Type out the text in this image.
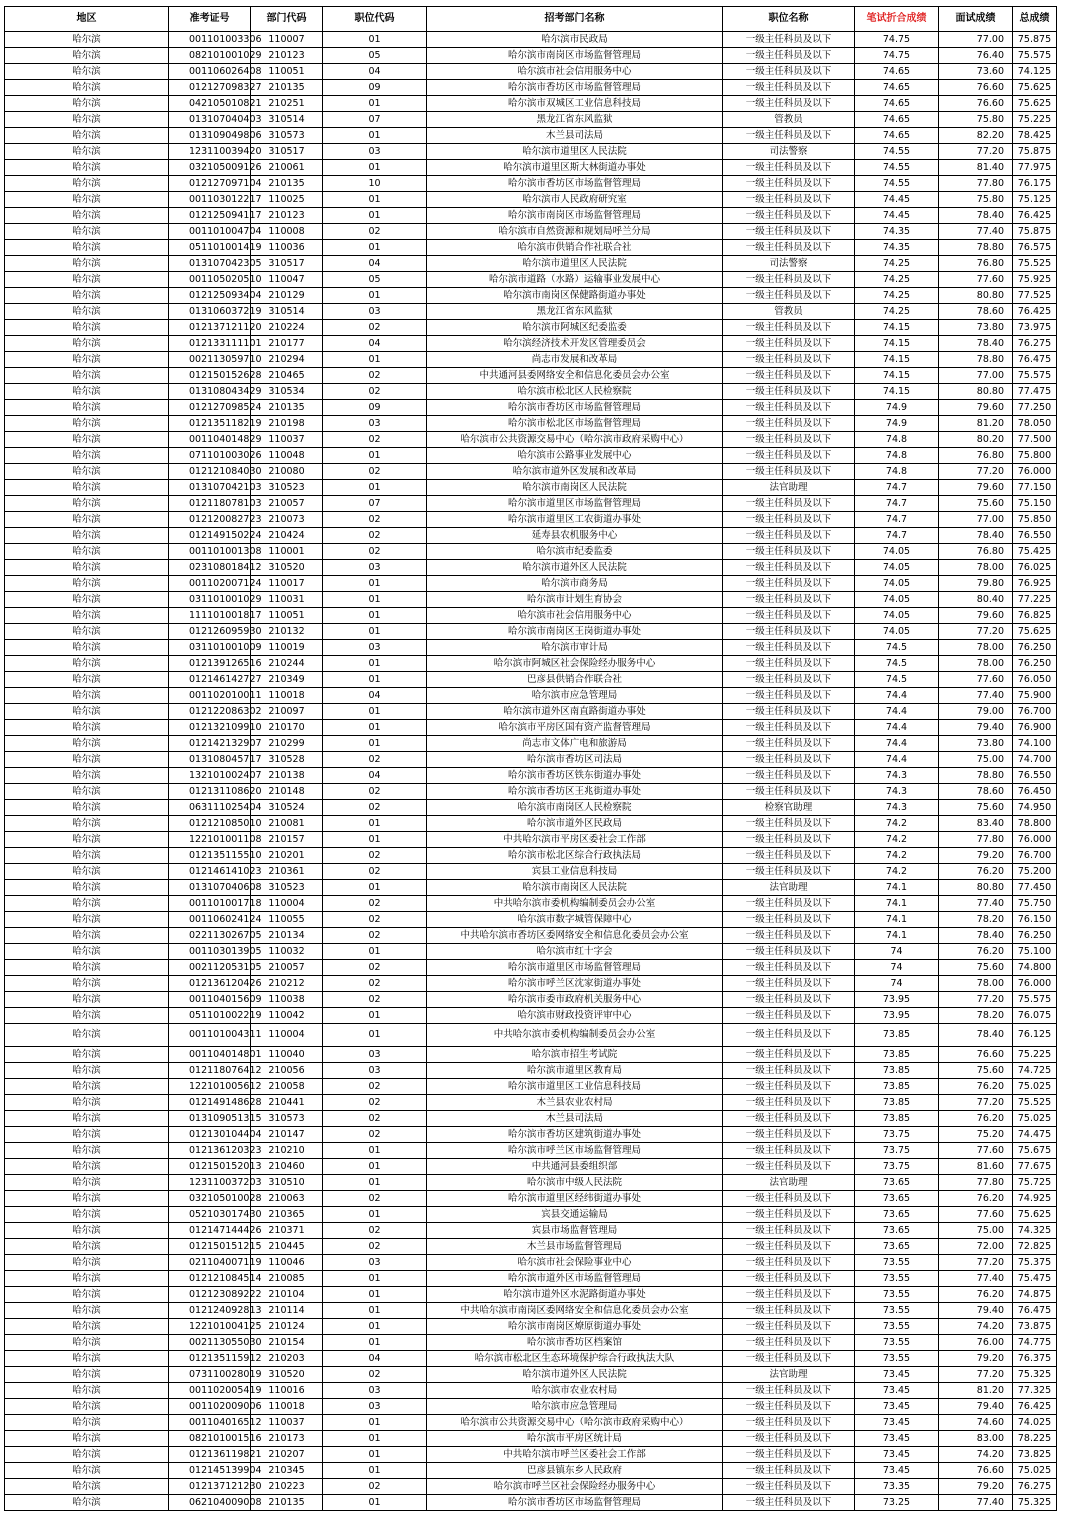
地区	准考证号	部门代码	职位代码	招考部门名称	职位名称	笔试折合成绩	面试成绩	总成绩
哈尔滨	001101003306	110007	01	哈尔滨市民政局	一级主任科员及以下	74.75	77.00	75.875
哈尔滨	082101001029	210123	05	哈尔滨市南岗区市场监督管理局	一级主任科员及以下	74.75	76.40	75.575
哈尔滨	001106026408	110051	04	哈尔滨市社会信用服务中心	一级主任科员及以下	74.65	73.60	74.125
哈尔滨	012127098327	210135	09	哈尔滨市香坊区市场监督管理局	一级主任科员及以下	74.65	76.60	75.625
哈尔滨	042105010821	210251	01	哈尔滨市双城区工业信息科技局	一级主任科员及以下	74.65	76.60	75.625
哈尔滨	013107040403	310514	07	黑龙江省东风监狱	管教员	74.65	75.80	75.225
哈尔滨	013109049806	310573	01	木兰县司法局	一级主任科员及以下	74.65	82.20	78.425
哈尔滨	123110039420	310517	03	哈尔滨市道里区人民法院	司法警察	74.55	77.20	75.875
哈尔滨	032105009126	210061	01	哈尔滨市道里区斯大林街道办事处	一级主任科员及以下	74.55	81.40	77.975
哈尔滨	012127097104	210135	10	哈尔滨市香坊区市场监督管理局	一级主任科员及以下	74.55	77.80	76.175
哈尔滨	001103012217	110025	01	哈尔滨市人民政府研究室	一级主任科员及以下	74.45	75.80	75.125
哈尔滨	012125094117	210123	01	哈尔滨市南岗区市场监督管理局	一级主任科员及以下	74.45	78.40	76.425
哈尔滨	001101004704	110008	02	哈尔滨市自然资源和规划局呼兰分局	一级主任科员及以下	74.35	77.40	75.875
哈尔滨	051101001419	110036	01	哈尔滨市供销合作社联合社	一级主任科员及以下	74.35	78.80	76.575
哈尔滨	013107042305	310517	04	哈尔滨市道里区人民法院	司法警察	74.25	76.80	75.525
哈尔滨	001105020510	110047	05	哈尔滨市道路（水路）运输事业发展中心	一级主任科员及以下	74.25	77.60	75.925
哈尔滨	012125093404	210129	01	哈尔滨市南岗区保健路街道办事处	一级主任科员及以下	74.25	80.80	77.525
哈尔滨	013106037219	310514	03	黑龙江省东风监狱	管教员	74.25	78.60	76.425
哈尔滨	012137121120	210224	02	哈尔滨市阿城区纪委监委	一级主任科员及以下	74.15	73.80	73.975
哈尔滨	012133111101	210177	04	哈尔滨经济技术开发区管理委员会	一级主任科员及以下	74.15	78.40	76.275
哈尔滨	002113059710	210294	01	尚志市发展和改革局	一级主任科员及以下	74.15	78.80	76.475
哈尔滨	012150152628	210465	02	中共通河县委网络安全和信息化委员会办公室	一级主任科员及以下	74.15	77.00	75.575
哈尔滨	013108043429	310534	02	哈尔滨市松北区人民检察院	一级主任科员及以下	74.15	80.80	77.475
哈尔滨	012127098524	210135	09	哈尔滨市香坊区市场监督管理局	一级主任科员及以下	74.9	79.60	77.250
哈尔滨	012135118219	210198	03	哈尔滨市松北区市场监督管理局	一级主任科员及以下	74.9	81.20	78.050
哈尔滨	001104014829	110037	02	哈尔滨市公共资源交易中心（哈尔滨市政府采购中心）	一级主任科员及以下	74.8	80.20	77.500
哈尔滨	071101003026	110048	01	哈尔滨市公路事业发展中心	一级主任科员及以下	74.8	76.80	75.800
哈尔滨	012121084030	210080	02	哈尔滨市道外区发展和改革局	一级主任科员及以下	74.8	77.20	76.000
哈尔滨	013107042103	310523	01	哈尔滨市南岗区人民法院	法官助理	74.7	79.60	77.150
哈尔滨	012118078103	210057	07	哈尔滨市道里区市场监督管理局	一级主任科员及以下	74.7	75.60	75.150
哈尔滨	012120082723	210073	02	哈尔滨市道里区工农街道办事处	一级主任科员及以下	74.7	77.00	75.850
哈尔滨	012149150224	210424	02	延寿县农机服务中心	一级主任科员及以下	74.7	78.40	76.550
哈尔滨	001101001308	110001	02	哈尔滨市纪委监委	一级主任科员及以下	74.05	76.80	75.425
哈尔滨	023108018412	310520	03	哈尔滨市道外区人民法院	一级主任科员及以下	74.05	78.00	76.025
哈尔滨	001102007124	110017	01	哈尔滨市商务局	一级主任科员及以下	74.05	79.80	76.925
哈尔滨	031101001029	110031	01	哈尔滨市计划生育协会	一级主任科员及以下	74.05	80.40	77.225
哈尔滨	111101001817	110051	01	哈尔滨市社会信用服务中心	一级主任科员及以下	74.05	79.60	76.825
哈尔滨	012126095930	210132	01	哈尔滨市南岗区王岗街道办事处	一级主任科员及以下	74.05	77.20	75.625
哈尔滨	031101001009	110019	03	哈尔滨市审计局	一级主任科员及以下	74.5	78.00	76.250
哈尔滨	012139126516	210244	01	哈尔滨市阿城区社会保险经办服务中心	一级主任科员及以下	74.5	78.00	76.250
哈尔滨	012146142727	210349	01	巴彦县供销合作联合社	一级主任科员及以下	74.5	77.60	76.050
哈尔滨	001102010011	110018	04	哈尔滨市应急管理局	一级主任科员及以下	74.4	77.40	75.900
哈尔滨	012122086302	210097	01	哈尔滨市道外区南直路街道办事处	一级主任科员及以下	74.4	79.00	76.700
哈尔滨	012132109910	210170	01	哈尔滨市平房区国有资产监督管理局	一级主任科员及以下	74.4	79.40	76.900
哈尔滨	012142132907	210299	01	尚志市文体广电和旅游局	一级主任科员及以下	74.4	73.80	74.100
哈尔滨	013108045717	310528	02	哈尔滨市香坊区司法局	一级主任科员及以下	74.4	75.00	74.700
哈尔滨	132101002407	210138	04	哈尔滨市香坊区铁东街道办事处	一级主任科员及以下	74.3	78.80	76.550
哈尔滨	012131108620	210148	02	哈尔滨市香坊区王兆街道办事处	一级主任科员及以下	74.3	78.60	76.450
哈尔滨	063111025404	310524	02	哈尔滨市南岗区人民检察院	检察官助理	74.3	75.60	74.950
哈尔滨	012121085010	210081	01	哈尔滨市道外区民政局	一级主任科员及以下	74.2	83.40	78.800
哈尔滨	122101001108	210157	01	中共哈尔滨市平房区委社会工作部	一级主任科员及以下	74.2	77.80	76.000
哈尔滨	012135115510	210201	02	哈尔滨市松北区综合行政执法局	一级主任科员及以下	74.2	79.20	76.700
哈尔滨	012146141023	210361	02	宾县工业信息科技局	一级主任科员及以下	74.2	76.20	75.200
哈尔滨	013107040608	310523	01	哈尔滨市南岗区人民法院	法官助理	74.1	80.80	77.450
哈尔滨	001101001718	110004	02	中共哈尔滨市委机构编制委员会办公室	一级主任科员及以下	74.1	77.40	75.750
哈尔滨	001106024124	110055	02	哈尔滨市数字城管保障中心	一级主任科员及以下	74.1	78.20	76.150
哈尔滨	022113026705	210134	02	中共哈尔滨市香坊区委网络安全和信息化委员会办公室	一级主任科员及以下	74.1	78.40	76.250
哈尔滨	001103013905	110032	01	哈尔滨市红十字会	一级主任科员及以下	74	76.20	75.100
哈尔滨	002112053105	210057	02	哈尔滨市道里区市场监督管理局	一级主任科员及以下	74	75.60	74.800
哈尔滨	012136120426	210212	02	哈尔滨市呼兰区沈家街道办事处	一级主任科员及以下	74	78.00	76.000
哈尔滨	001104015609	110038	02	哈尔滨市委市政府机关服务中心	一级主任科员及以下	73.95	77.20	75.575
哈尔滨	051101002219	110042	01	哈尔滨市财政投资评审中心	一级主任科员及以下	73.95	78.20	76.075
哈尔滨	001101004311	110004	01	中共哈尔滨市委机构编制委员会办公室	一级主任科员及以下	73.85	78.40	76.125
哈尔滨	001104014801	110040	03	哈尔滨市招生考试院	一级主任科员及以下	73.85	76.60	75.225
哈尔滨	012118076412	210056	03	哈尔滨市道里区教育局	一级主任科员及以下	73.85	75.60	74.725
哈尔滨	122101005612	210058	02	哈尔滨市道里区工业信息科技局	一级主任科员及以下	73.85	76.20	75.025
哈尔滨	012149148628	210441	02	木兰县农业农村局	一级主任科员及以下	73.85	77.20	75.525
哈尔滨	013109051315	310573	02	木兰县司法局	一级主任科员及以下	73.85	76.20	75.025
哈尔滨	012130104404	210147	02	哈尔滨市香坊区建筑街道办事处	一级主任科员及以下	73.75	75.20	74.475
哈尔滨	012136120323	210210	01	哈尔滨市呼兰区市场监督管理局	一级主任科员及以下	73.75	77.60	75.675
哈尔滨	012150152013	210460	01	中共通河县委组织部	一级主任科员及以下	73.75	81.60	77.675
哈尔滨	123110037203	310510	01	哈尔滨市中级人民法院	法官助理	73.65	77.80	75.725
哈尔滨	032105010028	210063	02	哈尔滨市道里区经纬街道办事处	一级主任科员及以下	73.65	76.20	74.925
哈尔滨	052103017430	210365	01	宾县交通运输局	一级主任科员及以下	73.65	77.60	75.625
哈尔滨	012147144426	210371	02	宾县市场监督管理局	一级主任科员及以下	73.65	75.00	74.325
哈尔滨	012150151215	210445	02	木兰县市场监督管理局	一级主任科员及以下	73.65	72.00	72.825
哈尔滨	021104007119	110046	03	哈尔滨市社会保险事业中心	一级主任科员及以下	73.55	77.20	75.375
哈尔滨	012121084514	210085	01	哈尔滨市道外区市场监督管理局	一级主任科员及以下	73.55	77.40	75.475
哈尔滨	012123089222	210104	01	哈尔滨市道外区水泥路街道办事处	一级主任科员及以下	73.55	76.20	74.875
哈尔滨	012124092813	210114	01	中共哈尔滨市南岗区委网络安全和信息化委员会办公室	一级主任科员及以下	73.55	79.40	76.475
哈尔滨	122101004125	210124	01	哈尔滨市南岗区燎原街道办事处	一级主任科员及以下	73.55	74.20	73.875
哈尔滨	002113055030	210154	01	哈尔滨市香坊区档案馆	一级主任科员及以下	73.55	76.00	74.775
哈尔滨	012135115912	210203	04	哈尔滨市松北区生态环境保护综合行政执法大队	一级主任科员及以下	73.55	79.20	76.375
哈尔滨	073110028019	310520	02	哈尔滨市道外区人民法院	法官助理	73.45	77.20	75.325
哈尔滨	001102005419	110016	03	哈尔滨市农业农村局	一级主任科员及以下	73.45	81.20	77.325
哈尔滨	001102009006	110018	03	哈尔滨市应急管理局	一级主任科员及以下	73.45	79.40	76.425
哈尔滨	001104016512	110037	01	哈尔滨市公共资源交易中心（哈尔滨市政府采购中心）	一级主任科员及以下	73.45	74.60	74.025
哈尔滨	082101001516	210173	01	哈尔滨市平房区统计局	一级主任科员及以下	73.45	83.00	78.225
哈尔滨	012136119821	210207	01	中共哈尔滨市呼兰区委社会工作部	一级主任科员及以下	73.45	74.20	73.825
哈尔滨	012145139904	210345	01	巴彦县镇东乡人民政府	一级主任科员及以下	73.45	76.60	75.025
哈尔滨	012137121230	210223	02	哈尔滨市呼兰区社会保险经办服务中心	一级主任科员及以下	73.35	79.20	76.275
哈尔滨	062104009008	210135	01	哈尔滨市香坊区市场监督管理局	一级主任科员及以下	73.25	77.40	75.325
